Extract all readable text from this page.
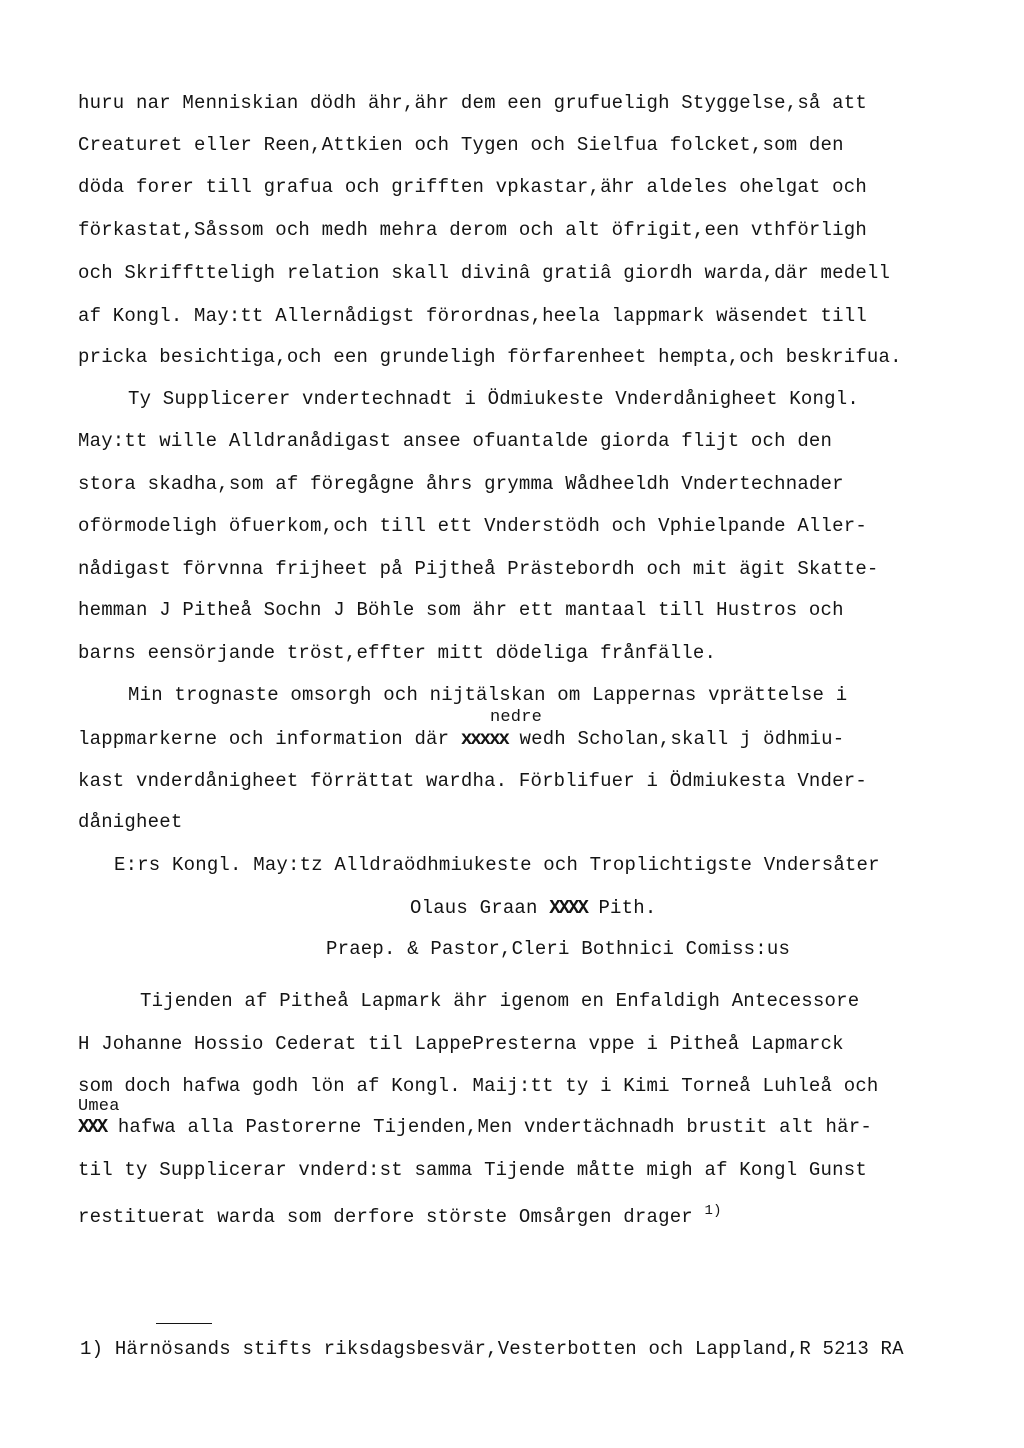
huru nar Menniskian dödh ähr,ähr dem een grufueligh Styggelse,så att
Creaturet eller Reen,Attkien och Tygen och Sielfua folcket,som den
döda forer till grafua och grifften vpkastar,ähr aldeles ohelgat och
förkastat,Såssom och medh mehra derom och alt öfrigit,een vthförligh
och Skrifftteligh relation skall divinâ gratiâ giordh warda,där medell
af Kongl. May:tt Allernådigst förordnas,heela lappmark wäsendet till
pricka besichtiga,och een grundeligh förfarenheet hempta,och beskrifua.
Ty Supplicerer vndertechnadt i Ödmiukeste Vnderdånigheet Kongl.
May:tt wille Alldranådigast ansee ofuantalde giorda flijt och den
stora skadha,som af föregågne åhrs grymma Wådheeldh Vndertechnader
oförmodeligh öfuerkom,och till ett Vnderstödh och Vphielpande Aller-
nådigast förvnna frijheet på Pijtheå Prästebordh och mit ägit Skatte-
hemman J Pitheå Sochn J Böhle som ähr ett mantaal till Hustros och
barns eensörjande tröst,effter mitt dödeliga frånfälle.
Min trognaste omsorgh och nijtälskan om Lappernas vprättelse i
nedre
lappmarkerne och information där xxxxx wedh Scholan,skall j ödhmiu-
kast vnderdånigheet förrättat wardha. Förblifuer i Ödmiukesta Vnder-
dånigheet
E:rs Kongl. May:tz Alldraödhmiukeste och Troplichtigste Vndersåter
Olaus Graan XXXX Pith.
Praep. & Pastor,Cleri Bothnici Comiss:us
Tijenden af Pitheå Lapmark ähr igenom en Enfaldigh Antecessore
H Johanne Hossio Cederat til LappePresterna vppe i Pitheå Lapmarck
som doch hafwa godh lön af Kongl. Maij:tt ty i Kimi Torneå Luhleå och
Umea
XXX hafwa alla Pastorerne Tijenden,Men vndertächnadh brustit alt här-
til ty Supplicerar vnderd:st samma Tijende måtte migh af Kongl Gunst
restituerat warda som derfore störste Omsårgen drager $^{1)}$
1) Härnösands stifts riksdagsbesvär,Vesterbotten och Lappland,R 5213 RA
